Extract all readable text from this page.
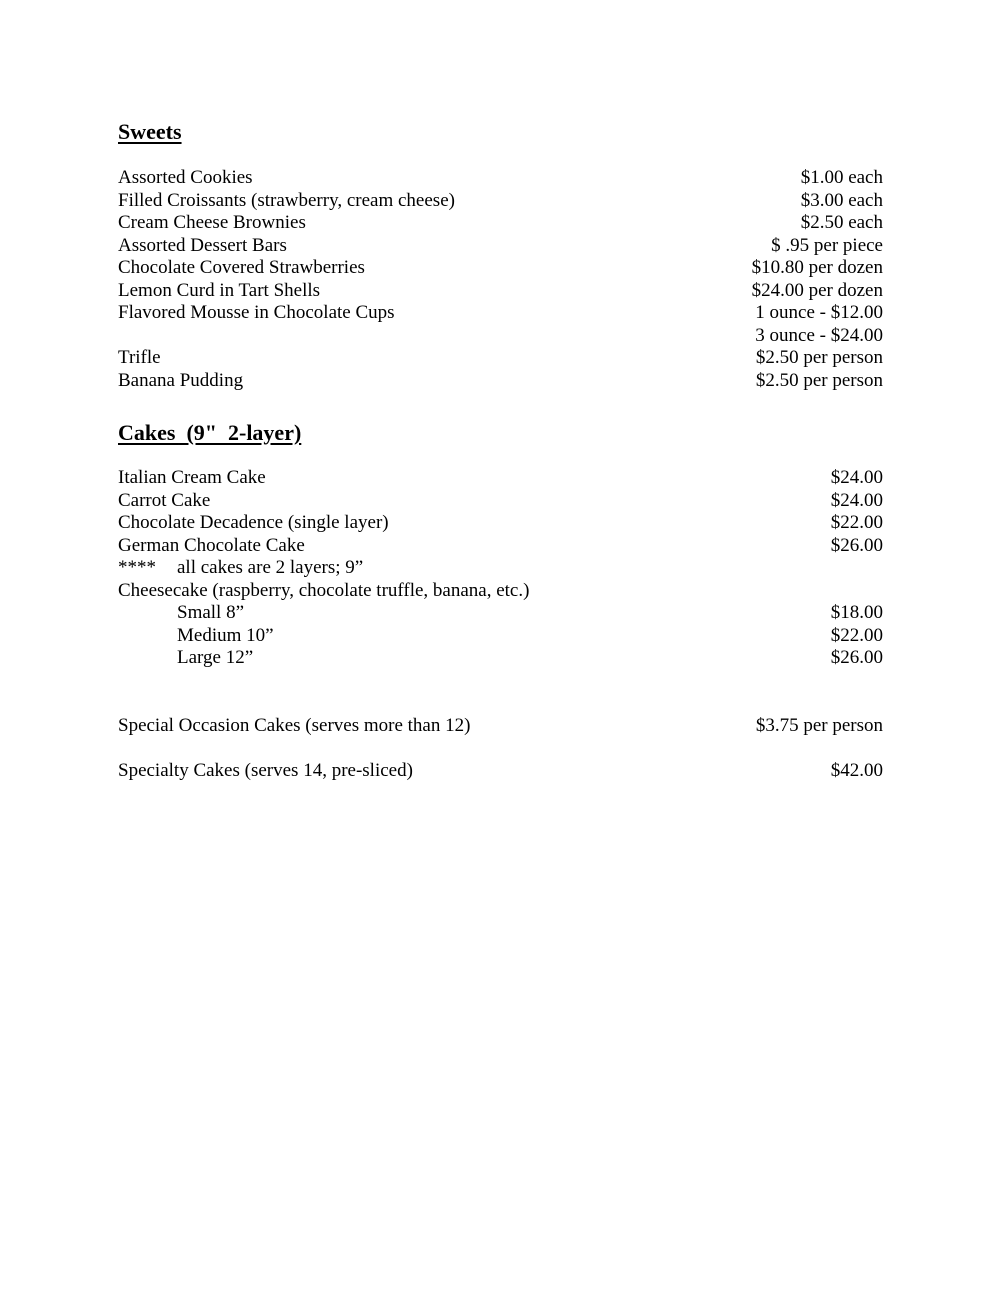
Sweets

Assorted Cookies

	$1.00 each

Filled Croissants (strawberry, cream cheese)

	$3.00 each

Cream Cheese Brownies

	$2.50 each

Assorted Dessert Bars

	$ .95 per piece

Chocolate Covered Strawberries

	$10.80 per dozen

Lemon Curd in Tart Shells

	$24.00 per dozen

Flavored Mousse in Chocolate Cups

	1 ounce - $12.00

3 ounce - $24.00

Trifle

	$2.50 per person

Banana Pudding

	$2.50 per person

Cakes  (9"  2-layer)

Italian Cream Cake

	$24.00

Carrot Cake

	$24.00

Chocolate Decadence (single layer)

	$22.00

German Chocolate Cake

	$26.00

****

all cakes are 2 layers; 9”

Cheesecake (raspberry, chocolate truffle, banana, etc.)

Small 8”

	$18.00

Medium 10”

	$22.00

Large 12”

	$26.00

Special Occasion Cakes (serves more than 12)

	$3.75 per person

Specialty Cakes (serves 14, pre-sliced)

	$42.00
